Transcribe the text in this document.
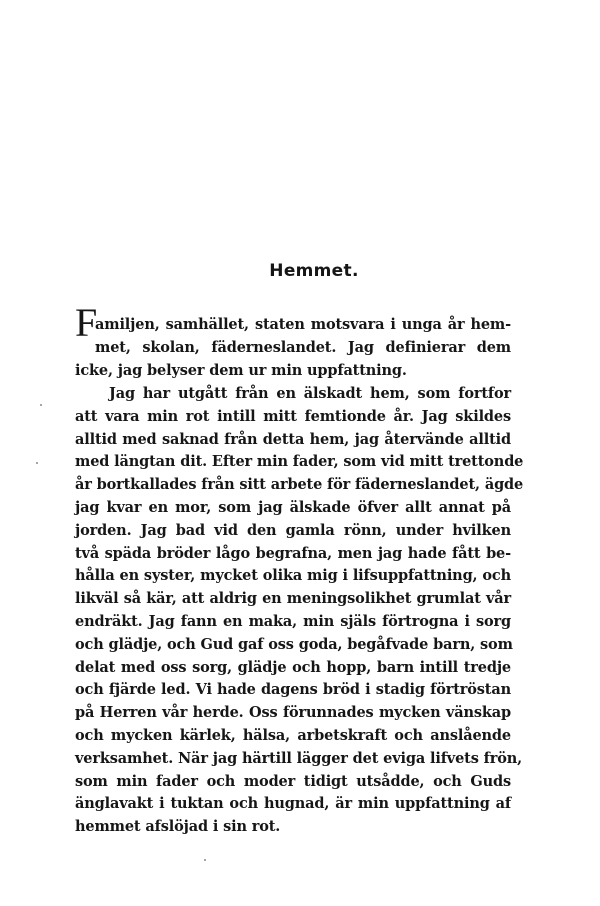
Hemmet.
F
amiljen, samhället, staten motsvara i unga år hem-
met, skolan, fäderneslandet. Jag definierar dem
icke, jag belyser dem ur min uppfattning.
Jag har utgått från en älskadt hem, som fortfor
att vara min rot intill mitt femtionde år. Jag skildes
alltid med saknad från detta hem, jag återvände alltid
med längtan dit. Efter min fader, som vid mitt trettonde
år bortkallades från sitt arbete för fäderneslandet, ägde
jag kvar en mor, som jag älskade öfver allt annat på
jorden. Jag bad vid den gamla rönn, under hvilken
två späda bröder lågo begrafna, men jag hade fått be-
hålla en syster, mycket olika mig i lifsuppfattning, och
likväl så kär, att aldrig en meningsolikhet grumlat vår
endräkt. Jag fann en maka, min själs förtrogna i sorg
och glädje, och Gud gaf oss goda, begåfvade barn, som
delat med oss sorg, glädje och hopp, barn intill tredje
och fjärde led. Vi hade dagens bröd i stadig förtröstan
på Herren vår herde. Oss förunnades mycken vänskap
och mycken kärlek, hälsa, arbetskraft och anslående
verksamhet. När jag härtill lägger det eviga lifvets frön,
som min fader och moder tidigt utsådde, och Guds
änglavakt i tuktan och hugnad, är min uppfattning af
hemmet afslöjad i sin rot.
